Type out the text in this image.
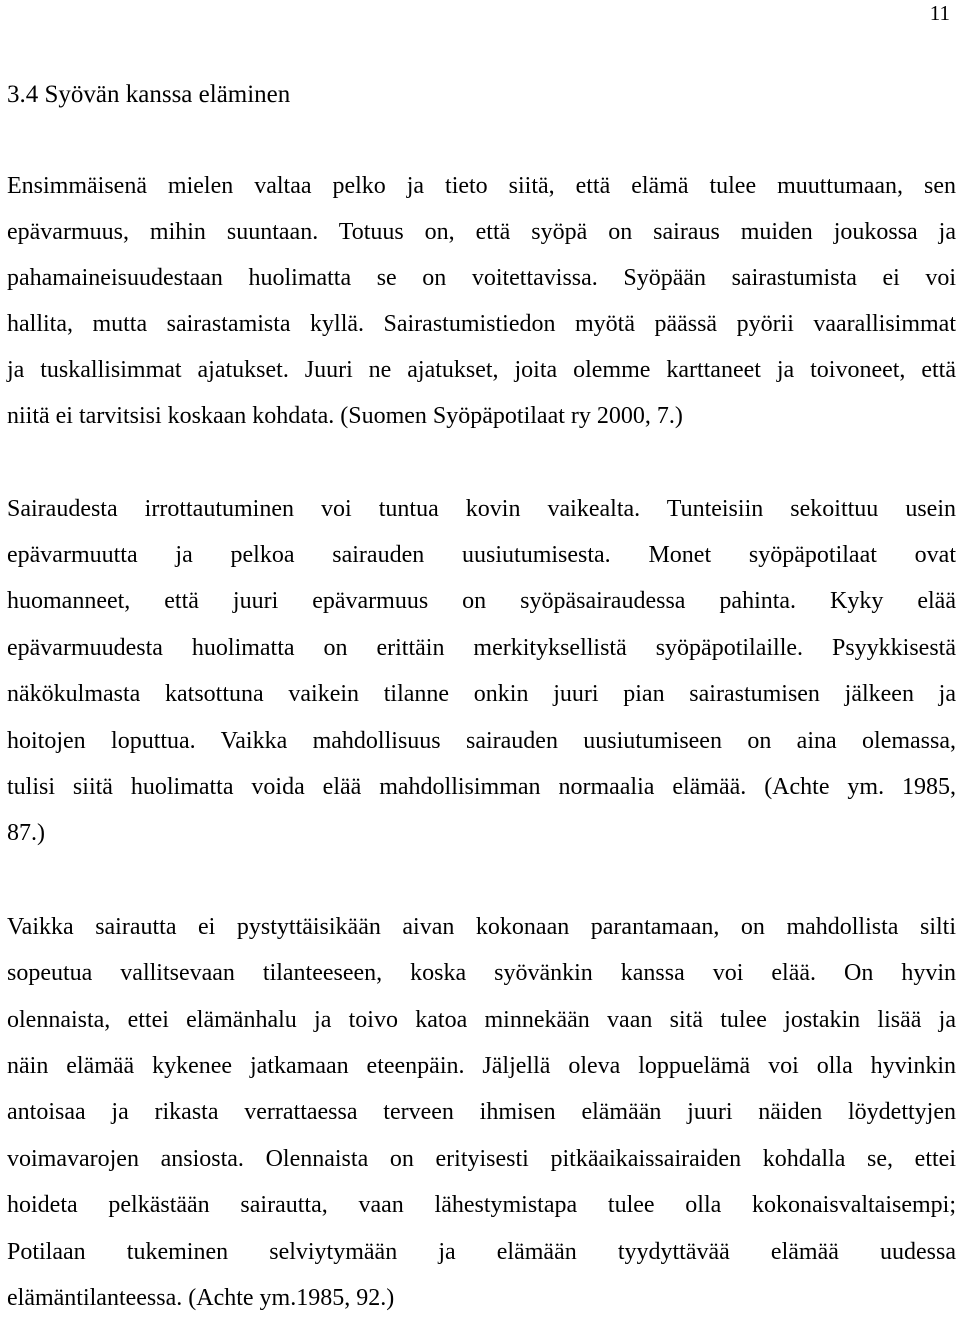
11
3.4 Syövän kanssa eläminen
Ensimmäisenä mielen valtaa pelko ja tieto siitä, että elämä tulee muuttumaan, sen
epävarmuus, mihin suuntaan. Totuus on, että syöpä on sairaus muiden joukossa ja
pahamaineisuudestaan huolimatta se on voitettavissa. Syöpään sairastumista ei voi
hallita, mutta sairastamista kyllä. Sairastumistiedon myötä päässä pyörii vaarallisimmat
ja tuskallisimmat ajatukset. Juuri ne ajatukset, joita olemme karttaneet ja toivoneet, että
niitä ei tarvitsisi koskaan kohdata. (Suomen Syöpäpotilaat ry 2000, 7.)
Sairaudesta irrottautuminen voi tuntua kovin vaikealta. Tunteisiin sekoittuu usein
epävarmuutta ja pelkoa sairauden uusiutumisesta. Monet syöpäpotilaat ovat
huomanneet, että juuri epävarmuus on syöpäsairaudessa pahinta. Kyky elää
epävarmuudesta huolimatta on erittäin merkityksellistä syöpäpotilaille. Psyykkisestä
näkökulmasta katsottuna vaikein tilanne onkin juuri pian sairastumisen jälkeen ja
hoitojen loputtua. Vaikka mahdollisuus sairauden uusiutumiseen on aina olemassa,
tulisi siitä huolimatta voida elää mahdollisimman normaalia elämää. (Achte ym. 1985,
87.)
Vaikka sairautta ei pystyttäisikään aivan kokonaan parantamaan, on mahdollista silti
sopeutua vallitsevaan tilanteeseen, koska syövänkin kanssa voi elää. On hyvin
olennaista, ettei elämänhalu ja toivo katoa minnekään vaan sitä tulee jostakin lisää ja
näin elämää kykenee jatkamaan eteenpäin. Jäljellä oleva loppuelämä voi olla hyvinkin
antoisaa ja rikasta verrattaessa terveen ihmisen elämään juuri näiden löydettyjen
voimavarojen ansiosta. Olennaista on erityisesti pitkäaikaissairaiden kohdalla se, ettei
hoideta pelkästään sairautta, vaan lähestymistapa tulee olla kokonaisvaltaisempi;
Potilaan tukeminen selviytymään ja elämään tyydyttävää elämää uudessa
elämäntilanteessa. (Achte ym.1985, 92.)
